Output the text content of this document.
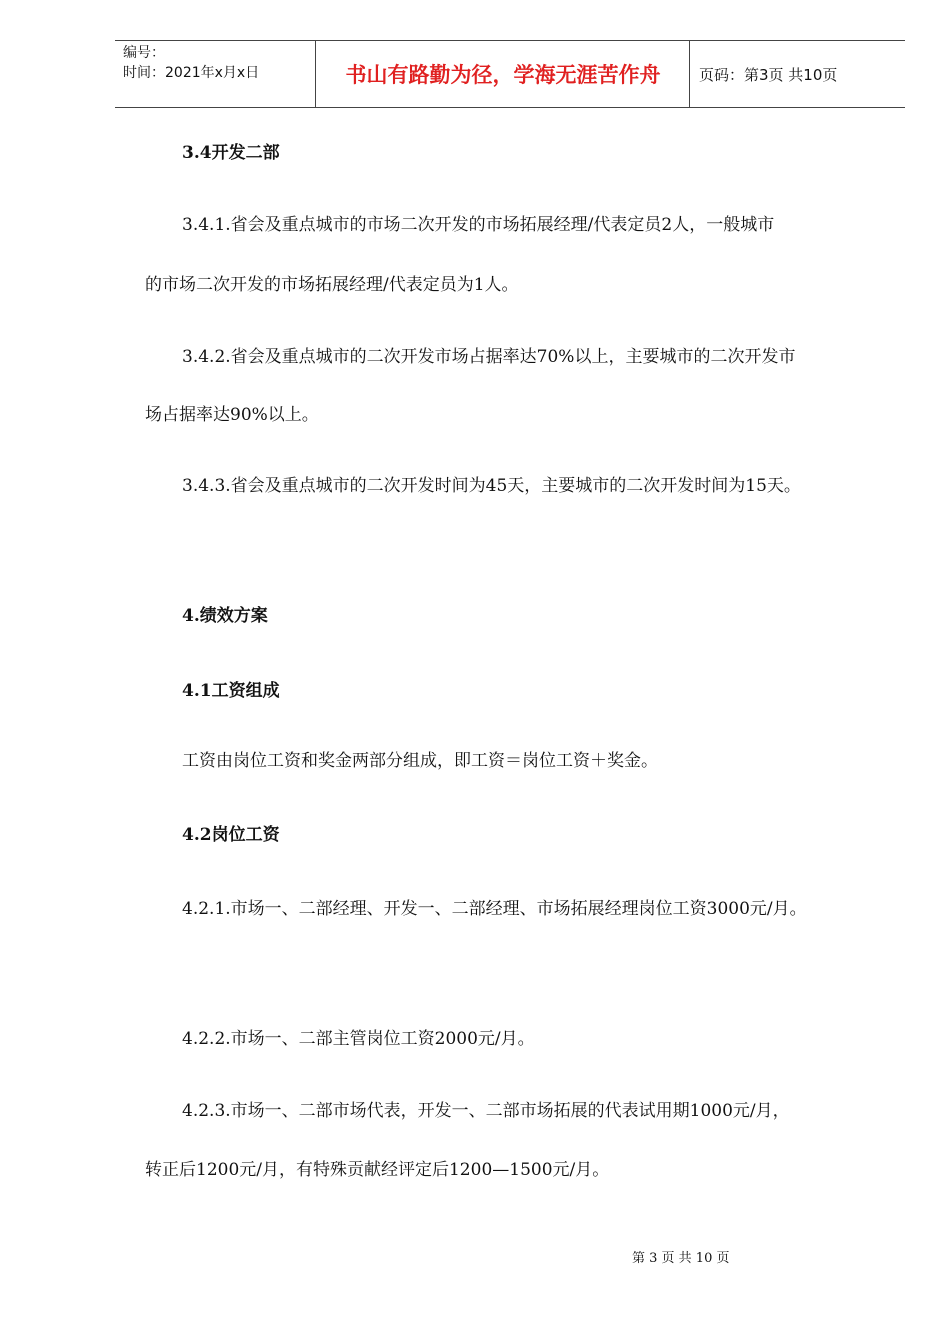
编号：
时间：2021年x月x日	书山有路勤为径，学海无涯苦作舟	页码：第3页 共10页
3.4开发二部
3.4.1.省会及重点城市的市场二次开发的市场拓展经理/代表定员2人，一般城市
的市场二次开发的市场拓展经理/代表定员为1人。
3.4.2.省会及重点城市的二次开发市场占据率达70%以上，主要城市的二次开发市
场占据率达90%以上。
3.4.3.省会及重点城市的二次开发时间为45天，主要城市的二次开发时间为15天。
4.绩效方案
4.1工资组成
工资由岗位工资和奖金两部分组成，即工资＝岗位工资＋奖金。
4.2岗位工资
4.2.1.市场一、二部经理、开发一、二部经理、市场拓展经理岗位工资3000元/月。
4.2.2.市场一、二部主管岗位工资2000元/月。
4.2.3.市场一、二部市场代表，开发一、二部市场拓展的代表试用期1000元/月，
转正后1200元/月，有特殊贡献经评定后1200—1500元/月。
第 3 页 共 10 页
